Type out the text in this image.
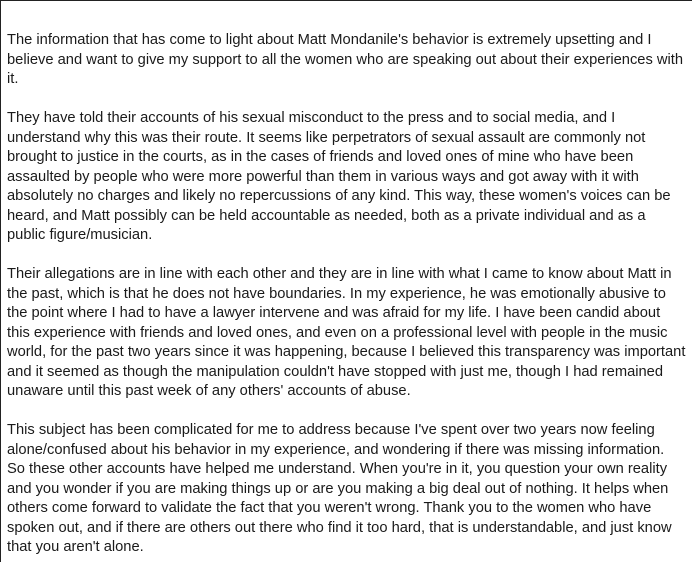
The information that has come to light about Matt Mondanile's behavior is extremely upsetting and I believe and want to give my support to all the women who are speaking out about their experiences with it.

They have told their accounts of his sexual misconduct to the press and to social media, and I understand why this was their route. It seems like perpetrators of sexual assault are commonly not brought to justice in the courts, as in the cases of friends and loved ones of mine who have been assaulted by people who were more powerful than them in various ways and got away with it with absolutely no charges and likely no repercussions of any kind. This way, these women's voices can be heard, and Matt possibly can be held accountable as needed, both as a private individual and as a public figure/musician.

Their allegations are in line with each other and they are in line with what I came to know about Matt in the past, which is that he does not have boundaries. In my experience, he was emotionally abusive to the point where I had to have a lawyer intervene and was afraid for my life. I have been candid about this experience with friends and loved ones, and even on a professional level with people in the music world, for the past two years since it was happening, because I believed this transparency was important and it seemed as though the manipulation couldn't have stopped with just me, though I had remained unaware until this past week of any others' accounts of abuse.

This subject has been complicated for me to address because I've spent over two years now feeling alone/confused about his behavior in my experience, and wondering if there was missing information. So these other accounts have helped me understand. When you're in it, you question your own reality and you wonder if you are making things up or are you making a big deal out of nothing. It helps when others come forward to validate the fact that you weren't wrong. Thank you to the women who have spoken out, and if there are others out there who find it too hard, that is understandable, and just know that you aren't alone.
